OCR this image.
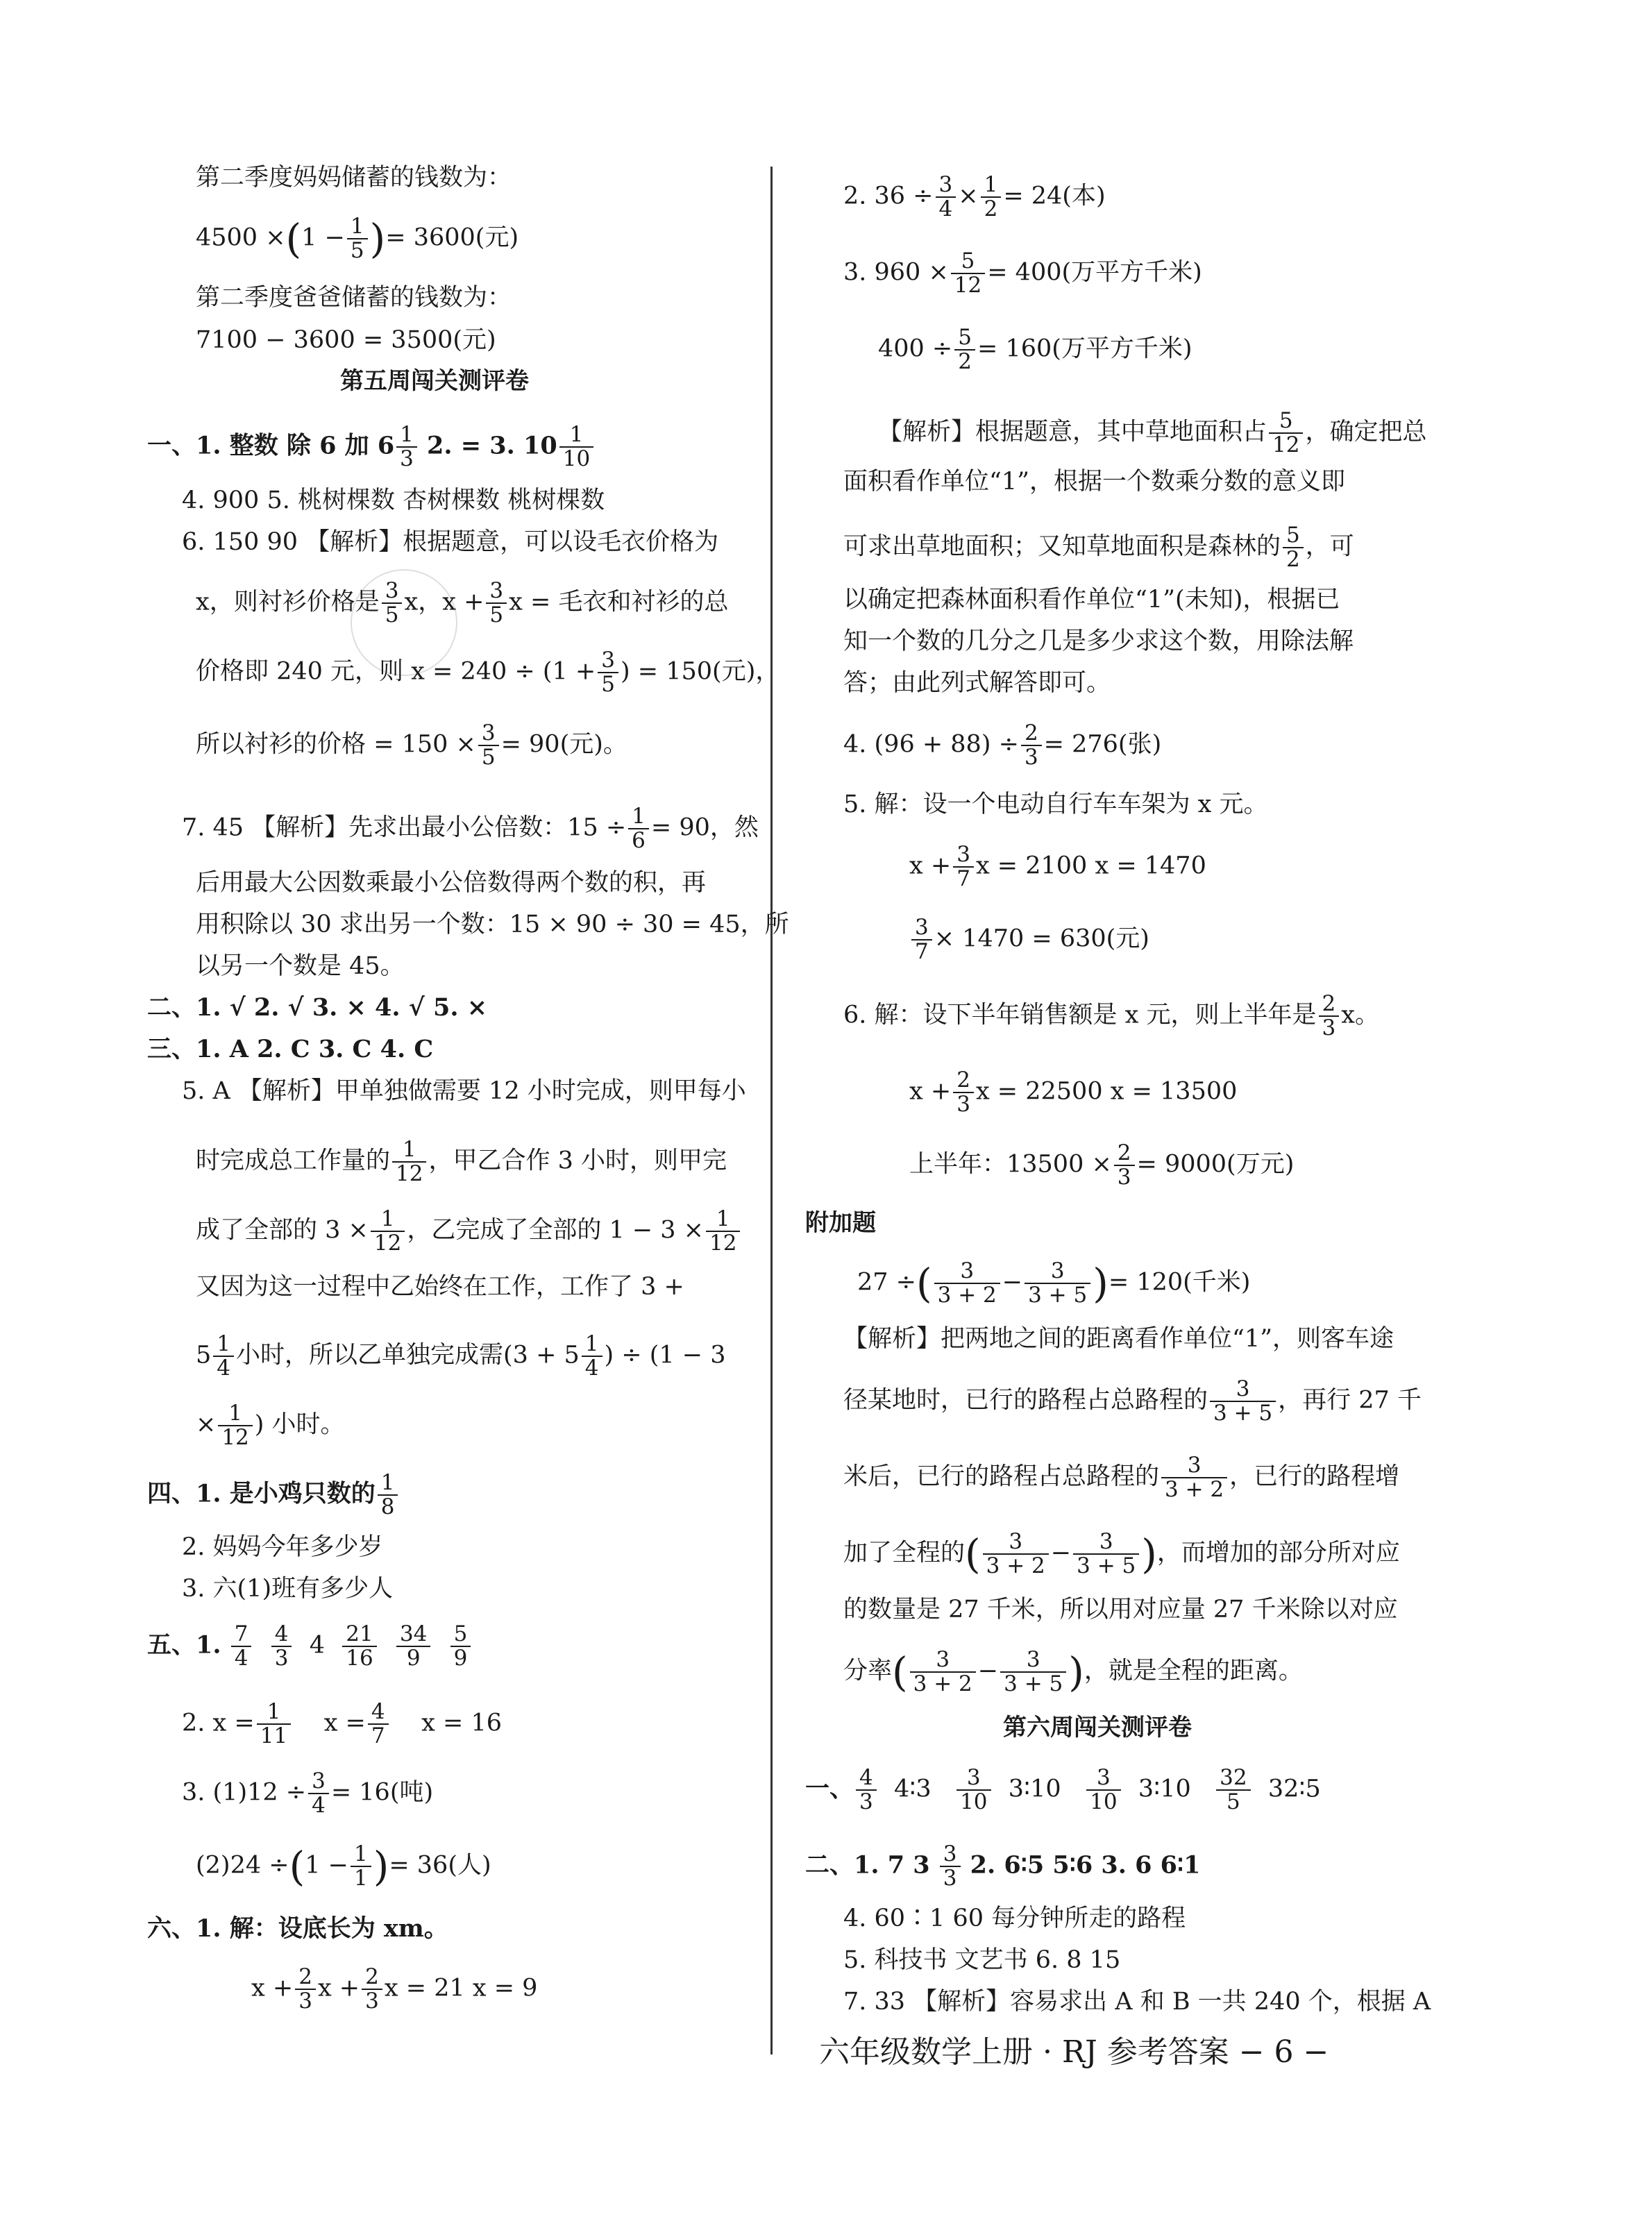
第二季度妈妈储蓄的钱数为：
$4500 \times(1 - \frac{1}{5}$ )= 3600(元)
第二季度爸爸储蓄的钱数为：
7100 − 3600 = 3500(元)
第五周闯关测评卷
一、1. 整数 除 6 加 $6 \frac{1}{3} 2$. = 3. $10 \frac{1}{10}$
4. 900 5. 桃树棵数 杏树棵数 桃树棵数
6. 150 90 【解析】根据题意，可以设毛衣价格为
x，则衬衫价格是 $\frac{3}{5}$ x，$x + \frac{3}{5}$ x = 毛衣和衬衫的总
价格即 240 元，则 $x = 240 \div (1 + \frac{3}{5}$ ) = 150(元)，
所以衬衫的价格 = $150 \times \frac{3}{5} = 90$(元)。
7. 45 【解析】先求出最小公倍数：$15 \div \frac{1}{6} = 90$，然
后用最大公因数乘最小公倍数得两个数的积，再
用积除以 30 求出另一个数：15 × 90 ÷ 30 = 45，所
以另一个数是 45。
二、1. √ 2. √ 3. × 4. √ 5. ×
三、1. A 2. C 3. C 4. C
5. A 【解析】甲单独做需要 12 小时完成，则甲每小
时完成总工作量的 $\frac{1}{12}$ ，甲乙合作 3 小时，则甲完
成了全部的 $3 \times \frac{1}{12}$ ，乙完成了全部的 $1 - 3 \times \frac{1}{12}$
又因为这一过程中乙始终在工作，工作了 3 +
$5 \frac{1}{4}$ 小时，所以乙单独完成需($3 + 5 \frac{1}{4}$ ) ÷ (1 − 3
× $\frac{1}{12}$ ) 小时。
四、1. 是小鸡只数的 $\frac{1}{8}$
2. 妈妈今年多少岁
3. 六(1)班有多少人
五、1. $\frac{7}{4}$
$\frac{4}{3} 4 \frac{21}{16}$
$\frac{34}{9}$
$\frac{5}{9}$
2. $x = \frac{1}{11}$ $x = \frac{4}{7}$ x = 16
3. $(1)12 \div \frac{3}{4} = 16$(吨)
$(2)24 \div(1 - \frac{1}{1}$ )= 36(人)
六、1. 解：设底长为 xm。
$x + \frac{2}{3}$ $x + \frac{2}{3}$ x = 21 x = 9
2. $36 \div \frac{3}{4} \times \frac{1}{2} = 24$(本)
3. $960 \times \frac{5}{12} = 400$(万平方千米)
$400 \div \frac{5}{2} = 160$(万平方千米)
【解析】根据题意，其中草地面积占 $\frac{5}{12}$ ，确定把总
面积看作单位“1”，根据一个数乘分数的意义即
可求出草地面积；又知草地面积是森林的 $\frac{5}{2}$ ，可
以确定把森林面积看作单位“1”(未知)，根据已
知一个数的几分之几是多少求这个数，用除法解
答；由此列式解答即可。
4. $(96 + 88) \div \frac{2}{3} = 276$(张)
5. 解：设一个电动自行车车架为 x 元。
$x + \frac{3}{7}$ x = 2100 x = 1470
$\frac{3}{7} \times 1470 = 630$(元)
6. 解：设下半年销售额是 x 元，则上半年是 $\frac{2}{3}$ x。
$x + \frac{2}{3}$ x = 22500 x = 13500
上半年：$13500 \times \frac{2}{3} = 9000$(万元)
附加题
27 ÷( $\frac{3}{3 + 2} - \frac{3}{3 + 5}$ )= 120(千米)
【解析】把两地之间的距离看作单位“1”，则客车途
径某地时，已行的路程占总路程的 $\frac{3}{3 + 5}$ ，再行 27 千
米后，已行的路程占总路程的 $\frac{3}{3 + 2}$ ，已行的路程增
加了全程的( $\frac{3}{3 + 2} - \frac{3}{3 + 5}$ )，而增加的部分所对应
的数量是 27 千米，所以用对应量 27 千米除以对应
分率( $\frac{3}{3 + 2} - \frac{3}{3 + 5}$ )，就是全程的距离。
第六周闯关测评卷
一、 $\frac{4}{3}$ 4∶3 $\frac{3}{10}$ 3∶10 $\frac{3}{10}$ 3∶10 $\frac{32}{5}$ 32∶5
二、1. 7 $3 \frac{3}{3} 2$. 6∶5 5∶6 3. 6 6∶1
4. 60∶1 60 每分钟所走的路程
5. 科技书 文艺书 6. 8 15
7. 33 【解析】容易求出 A 和 B 一共 240 个，根据 A
六年级数学上册 · RJ 参考答案 − 6 −
